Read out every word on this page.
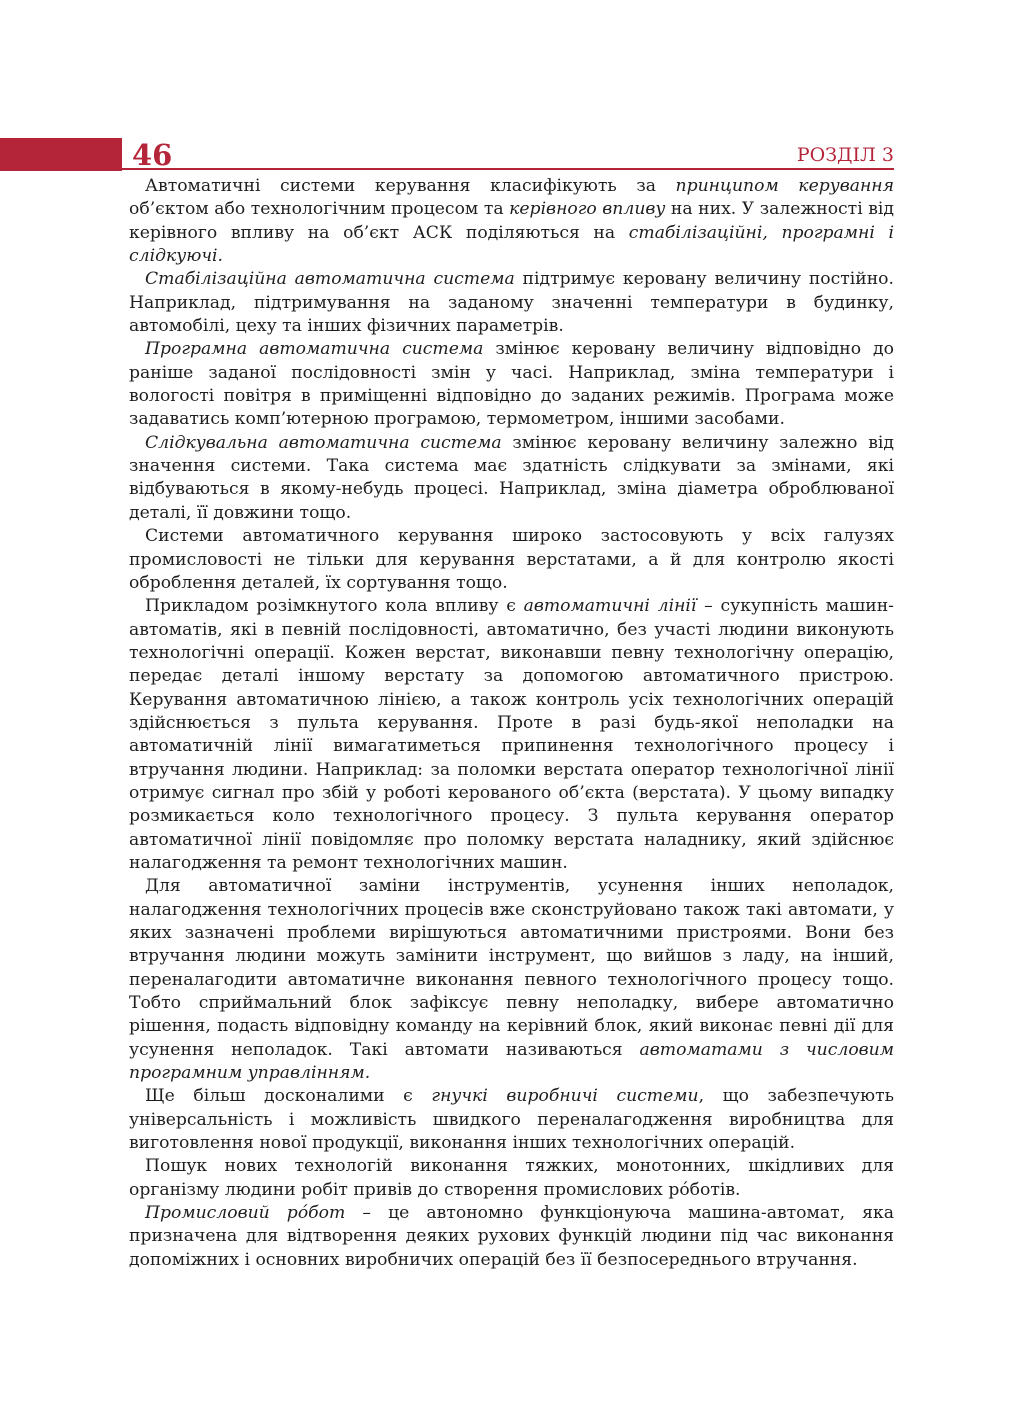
46	РОЗДІЛ 3

Автоматичні системи керування класифікують за принципом керування об’єктом або технологічним процесом та керівного впливу на них. У залежності від керівного впливу на об’єкт АСК поділяються на стабілізаційні, програмні і слідкуючі.

Стабілізаційна автоматична система підтримує керовану величину постійно. Наприклад, підтримування на заданому значенні температури в будинку, автомобілі, цеху та інших фізичних параметрів.

Програмна автоматична система змінює керовану величину відповідно до раніше заданої послідовності змін у часі. Наприклад, зміна температури і вологості повітря в приміщенні відповідно до заданих режимів. Програма може задаватись комп’ютерною програмою, термометром, іншими засобами.

Слідкувальна автоматична система змінює керовану величину залежно від значення системи. Така система має здатність слідкувати за змінами, які відбуваються в якому-небудь процесі. Наприклад, зміна діаметра оброблюваної деталі, її довжини тощо.

Системи автоматичного керування широко застосовують у всіх галузях промисловості не тільки для керування верстатами, а й для контролю якості оброблення деталей, їх сортування тощо.

Прикладом розімкнутого кола впливу є автоматичні лінії – сукупність машин-автоматів, які в певній послідовності, автоматично, без участі людини виконують технологічні операції. Кожен верстат, виконавши певну технологічну операцію, передає деталі іншому верстату за допомогою автоматичного пристрою. Керування автоматичною лінією, а також контроль усіх технологічних операцій здійснюється з пульта керування. Проте в разі будь-якої неполадки на автоматичній лінії вимагатиметься припинення технологічного процесу і втручання людини. Наприклад: за поломки верстата оператор технологічної лінії отримує сигнал про збій у роботі керованого об’єкта (верстата). У цьому випадку розмикається коло технологічного процесу. З пульта керування оператор автоматичної лінії повідомляє про поломку верстата наладнику, який здійснює налагодження та ремонт технологічних машин.

Для автоматичної заміни інструментів, усунення інших неполадок, налагодження технологічних процесів вже сконструйовано також такі автомати, у яких зазначені проблеми вирішуються автоматичними пристроями. Вони без втручання людини можуть замінити інструмент, що вийшов з ладу, на інший, переналагодити автоматичне виконання певного технологічного процесу тощо. Тобто сприймальний блок зафіксує певну неполадку, вибере автоматично рішення, подасть відповідну команду на керівний блок, який виконає певні дії для усунення неполадок. Такі автомати називаються автоматами з числовим програмним управлінням.

Ще більш досконалими є гнучкі виробничі системи, що забезпечують універсальність і можливість швидкого переналагодження виробництва для виготовлення нової продукції, виконання інших технологічних операцій.

Пошук нових технологій виконання тяжких, монотонних, шкідливих для організму людини робіт привів до створення промислових рóботів.

Промисловий рóбот – це автономно функціонуюча машина-автомат, яка призначена для відтворення деяких рухових функцій людини під час виконання допоміжних і основних виробничих операцій без її безпосереднього втручання.
